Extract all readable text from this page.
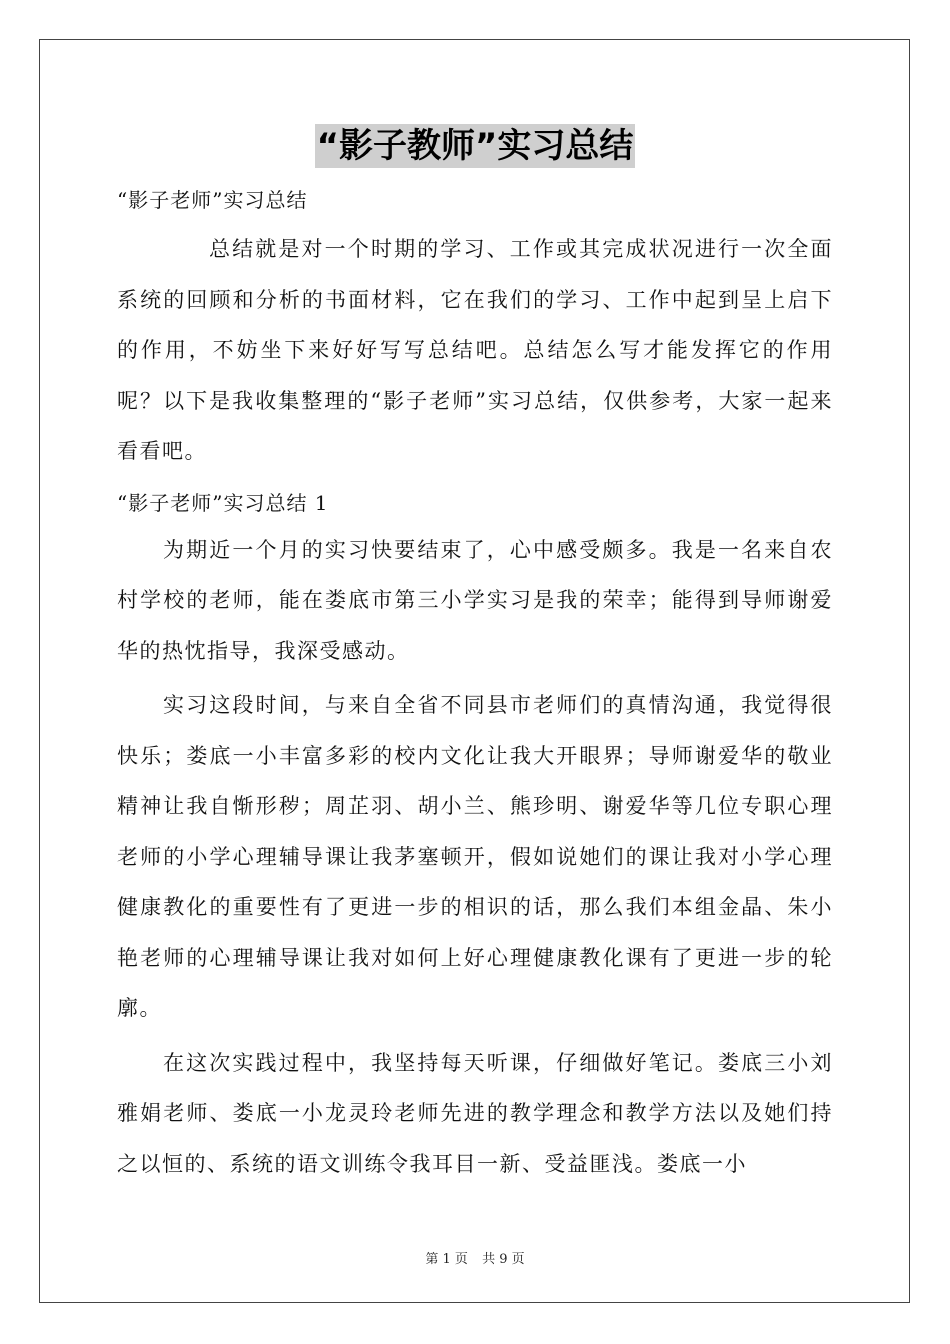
“影子教师”实习总结

“影子老师”实习总结

总结就是对一个时期的学习、工作或其完成状况进行一次全面系统的回顾和分析的书面材料，它在我们的学习、工作中起到呈上启下的作用，不妨坐下来好好写写总结吧。总结怎么写才能发挥它的作用呢？以下是我收集整理的“影子老师”实习总结，仅供参考，大家一起来看看吧。

“影子老师”实习总结 1

为期近一个月的实习快要结束了，心中感受颇多。我是一名来自农村学校的老师，能在娄底市第三小学实习是我的荣幸；能得到导师谢爱华的热忱指导，我深受感动。

实习这段时间，与来自全省不同县市老师们的真情沟通，我觉得很快乐；娄底一小丰富多彩的校内文化让我大开眼界；导师谢爱华的敬业精神让我自惭形秽；周芷羽、胡小兰、熊珍明、谢爱华等几位专职心理老师的小学心理辅导课让我茅塞顿开，假如说她们的课让我对小学心理健康教化的重要性有了更进一步的相识的话，那么我们本组金晶、朱小艳老师的心理辅导课让我对如何上好心理健康教化课有了更进一步的轮廓。

在这次实践过程中，我坚持每天听课，仔细做好笔记。娄底三小刘雅娟老师、娄底一小龙灵玲老师先进的教学理念和教学方法以及她们持之以恒的、系统的语文训练令我耳目一新、受益匪浅。娄底一小

第 1 页 共 9 页
